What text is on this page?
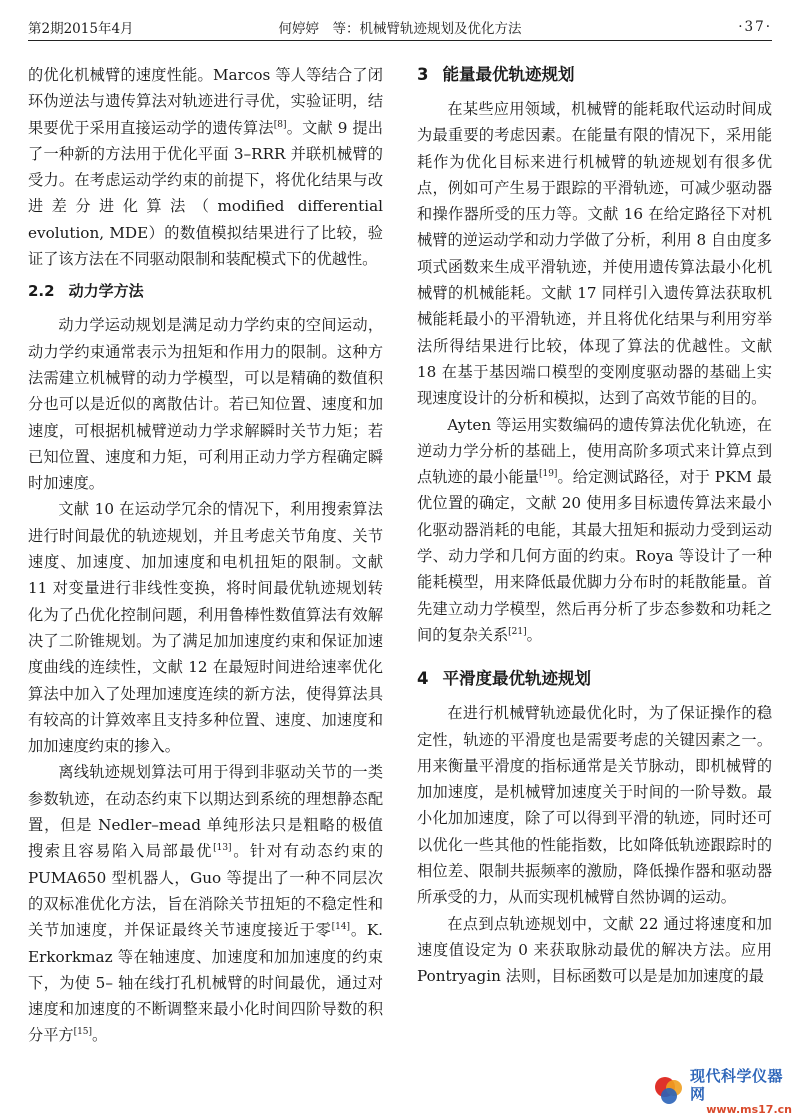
第2期2015年4月	何婷婷　等：机械臂轨迹规划及优化方法	·37·

的优化机械臂的速度性能。Marcos 等人等结合了闭环伪逆法与遗传算法对轨迹进行寻优，实验证明，结果要优于采用直接运动学的遗传算法[8]。文献 9 提出了一种新的方法用于优化平面 3–RRR 并联机械臂的受力。在考虑运动学约束的前提下，将优化结果与改进差分进化算法（modified differential evolution, MDE）的数值模拟结果进行了比较，验证了该方法在不同驱动限制和装配模式下的优越性。

2.2 动力学方法

动力学运动规划是满足动力学约束的空间运动，动力学约束通常表示为扭矩和作用力的限制。这种方法需建立机械臂的动力学模型，可以是精确的数值积分也可以是近似的离散估计。若已知位置、速度和加速度，可根据机械臂逆动力学求解瞬时关节力矩；若已知位置、速度和力矩，可利用正动力学方程确定瞬时加速度。

文献 10 在运动学冗余的情况下，利用搜索算法进行时间最优的轨迹规划，并且考虑关节角度、关节速度、加速度、加加速度和电机扭矩的限制。文献 11 对变量进行非线性变换，将时间最优轨迹规划转化为了凸优化控制问题，利用鲁棒性数值算法有效解决了二阶锥规划。为了满足加加速度约束和保证加速度曲线的连续性，文献 12 在最短时间进给速率优化算法中加入了处理加速度连续的新方法，使得算法具有较高的计算效率且支持多种位置、速度、加速度和加加速度约束的掺入。

离线轨迹规划算法可用于得到非驱动关节的一类参数轨迹，在动态约束下以期达到系统的理想静态配置，但是 Nedler–mead 单纯形法只是粗略的极值搜索且容易陷入局部最优[13]。针对有动态约束的 PUMA650 型机器人，Guo 等提出了一种不同层次的双标准优化方法，旨在消除关节扭矩的不稳定性和关节加速度，并保证最终关节速度接近于零[14]。K. Erkorkmaz 等在轴速度、加速度和加加速度的约束下，为使 5– 轴在线打孔机械臂的时间最优，通过对速度和加速度的不断调整来最小化时间四阶导数的积分平方[15]。

3 能量最优轨迹规划

在某些应用领域，机械臂的能耗取代运动时间成为最重要的考虑因素。在能量有限的情况下，采用能耗作为优化目标来进行机械臂的轨迹规划有很多优点，例如可产生易于跟踪的平滑轨迹，可减少驱动器和操作器所受的压力等。文献 16 在给定路径下对机械臂的逆运动学和动力学做了分析，利用 8 自由度多项式函数来生成平滑轨迹，并使用遗传算法最小化机械臂的机械能耗。文献 17 同样引入遗传算法获取机械能耗最小的平滑轨迹，并且将优化结果与利用穷举法所得结果进行比较，体现了算法的优越性。文献 18 在基于基因端口模型的变刚度驱动器的基础上实现速度设计的分析和模拟，达到了高效节能的目的。

Ayten 等运用实数编码的遗传算法优化轨迹，在逆动力学分析的基础上，使用高阶多项式来计算点到点轨迹的最小能量[19]。给定测试路径，对于 PKM 最优位置的确定，文献 20 使用多目标遗传算法来最小化驱动器消耗的电能，其最大扭矩和振动力受到运动学、动力学和几何方面的约束。Roya 等设计了一种能耗模型，用来降低最优脚力分布时的耗散能量。首先建立动力学模型，然后再分析了步态参数和功耗之间的复杂关系[21]。

4 平滑度最优轨迹规划

在进行机械臂轨迹最优化时，为了保证操作的稳定性，轨迹的平滑度也是需要考虑的关键因素之一。用来衡量平滑度的指标通常是关节脉动，即机械臂的加加速度，是机械臂加速度关于时间的一阶导数。最小化加加速度，除了可以得到平滑的轨迹，同时还可以优化一些其他的性能指数，比如降低轨迹跟踪时的相位差、限制共振频率的激励，降低操作器和驱动器所承受的力，从而实现机械臂自然协调的运动。

在点到点轨迹规划中，文献 22 通过将速度和加速度值设定为 0 来获取脉动最优的解决方法。应用 Pontryagin 法则，目标函数可以是是加加速度的最

现代科学仪器网
www.ms17.cn
